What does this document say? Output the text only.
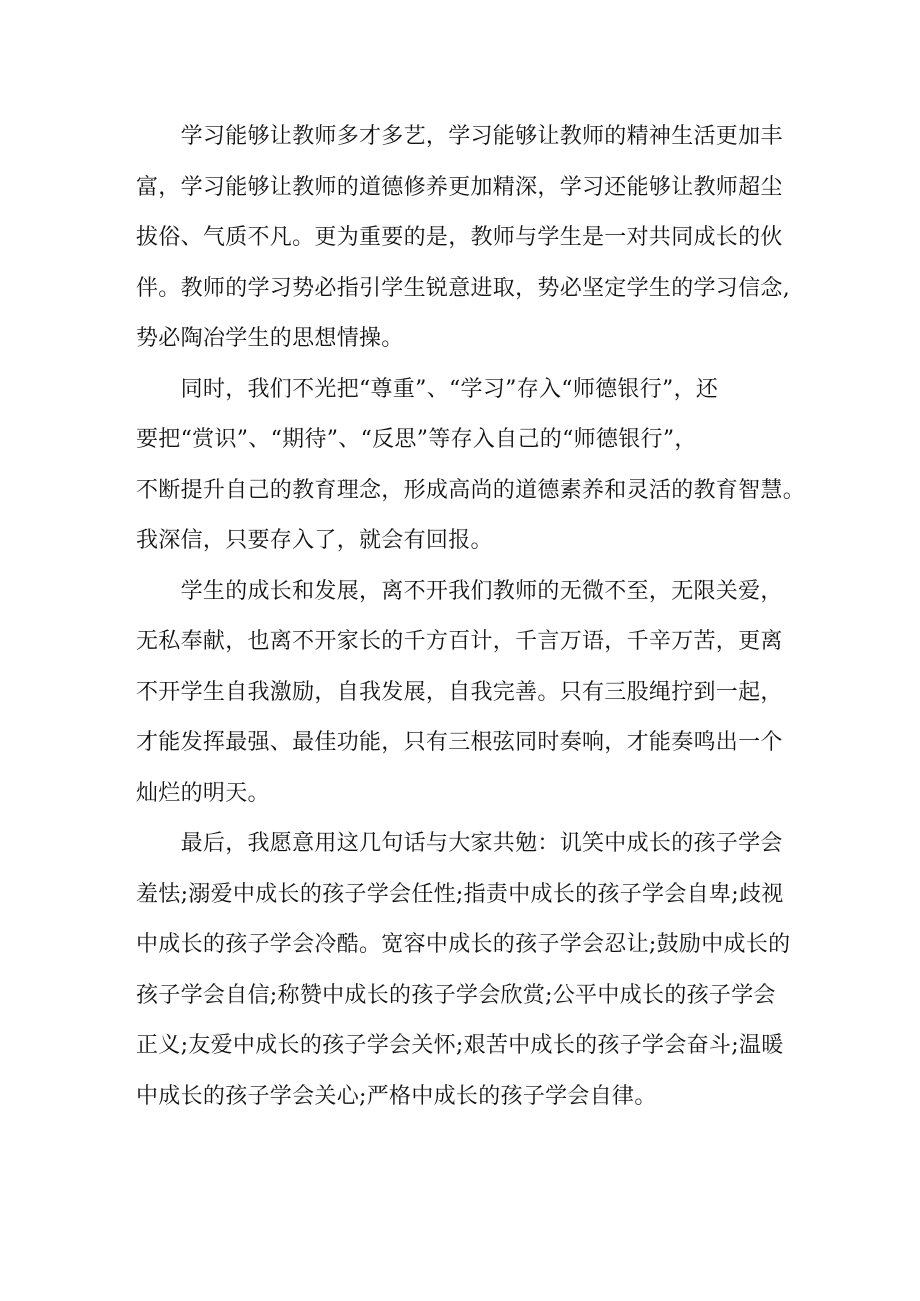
　　学习能够让教师多才多艺，学习能够让教师的精神生活更加丰
富，学习能够让教师的道德修养更加精深，学习还能够让教师超尘
拔俗、气质不凡。更为重要的是，教师与学生是一对共同成长的伙
伴。教师的学习势必指引学生锐意进取，势必坚定学生的学习信念,
势必陶冶学生的思想情操。

　　同时，我们不光把“尊重”、“学习”存入“师德银行”，还
要把“赏识”、“期待”、“反思”等存入自己的“师德银行”，
不断提升自己的教育理念，形成高尚的道德素养和灵活的教育智慧。
我深信，只要存入了，就会有回报。

　　学生的成长和发展，离不开我们教师的无微不至，无限关爱，
无私奉献，也离不开家长的千方百计，千言万语，千辛万苦，更离
不开学生自我激励，自我发展，自我完善。只有三股绳拧到一起，
才能发挥最强、最佳功能，只有三根弦同时奏响，才能奏鸣出一个
灿烂的明天。

　　最后，我愿意用这几句话与大家共勉：讥笑中成长的孩子学会
羞怯;溺爱中成长的孩子学会任性;指责中成长的孩子学会自卑;歧视
中成长的孩子学会冷酷。宽容中成长的孩子学会忍让;鼓励中成长的
孩子学会自信;称赞中成长的孩子学会欣赏;公平中成长的孩子学会
正义;友爱中成长的孩子学会关怀;艰苦中成长的孩子学会奋斗;温暖
中成长的孩子学会关心;严格中成长的孩子学会自律。
